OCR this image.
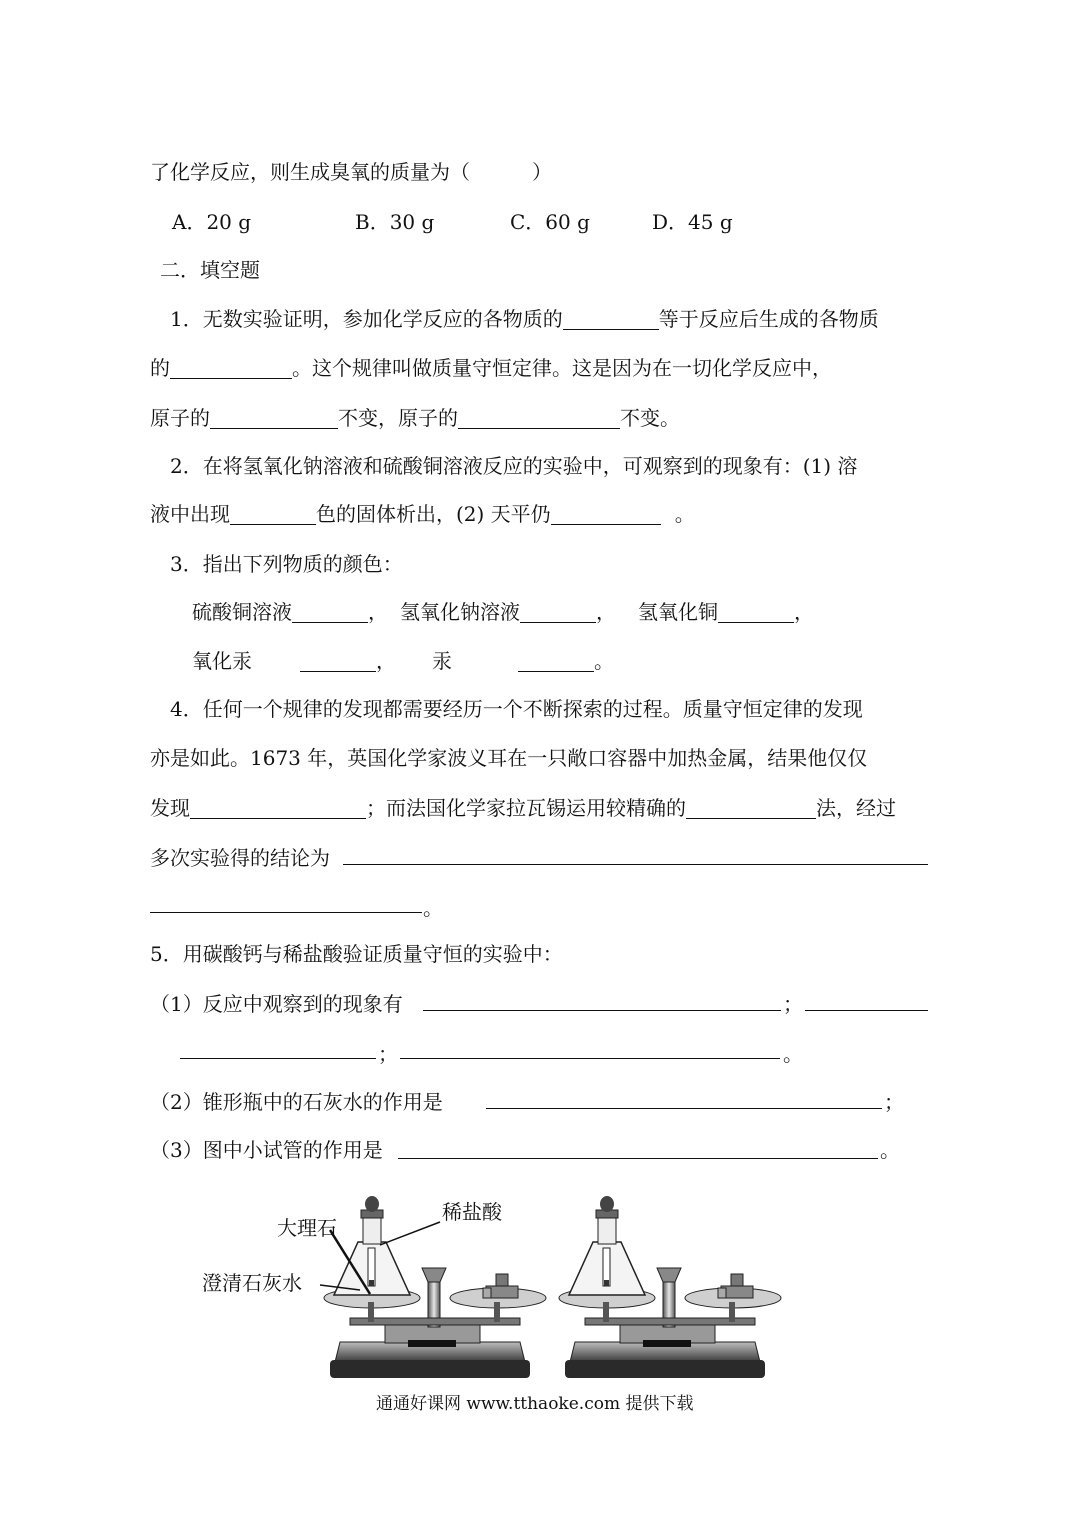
了化学反应，则生成臭氧的质量为（	）
A．20 g	B．30 g	C．60 g	D．45 g
二．填空题
1．无数实验证明，参加化学反应的各物质的	等于反应后生成的各物质
的	。这个规律叫做质量守恒定律。这是因为在一切化学反应中，
原子的	不变，原子的	不变。
2．在将氢氧化钠溶液和硫酸铜溶液反应的实验中，可观察到的现象有：(1) 溶
液中出现	色的固体析出，(2) 天平仍	。
3．指出下列物质的颜色：
硫酸铜溶液	， 氢氧化钠溶液	， 氢氧化铜	，
氧化汞	， 汞	。
4．任何一个规律的发现都需要经历一个不断探索的过程。质量守恒定律的发现
亦是如此。1673 年，英国化学家波义耳在一只敞口容器中加热金属，结果他仅仅
发现	；而法国化学家拉瓦锡运用较精确的	法，经过
多次实验得的结论为
。
5．用碳酸钙与稀盐酸验证质量守恒的实验中：
（1）反应中观察到的现象有	；
；	。
（2）锥形瓶中的石灰水的作用是	；
（3）图中小试管的作用是	。
稀盐酸
大理石
澄清石灰水
通通好课网 www.tthaoke.com 提供下载
